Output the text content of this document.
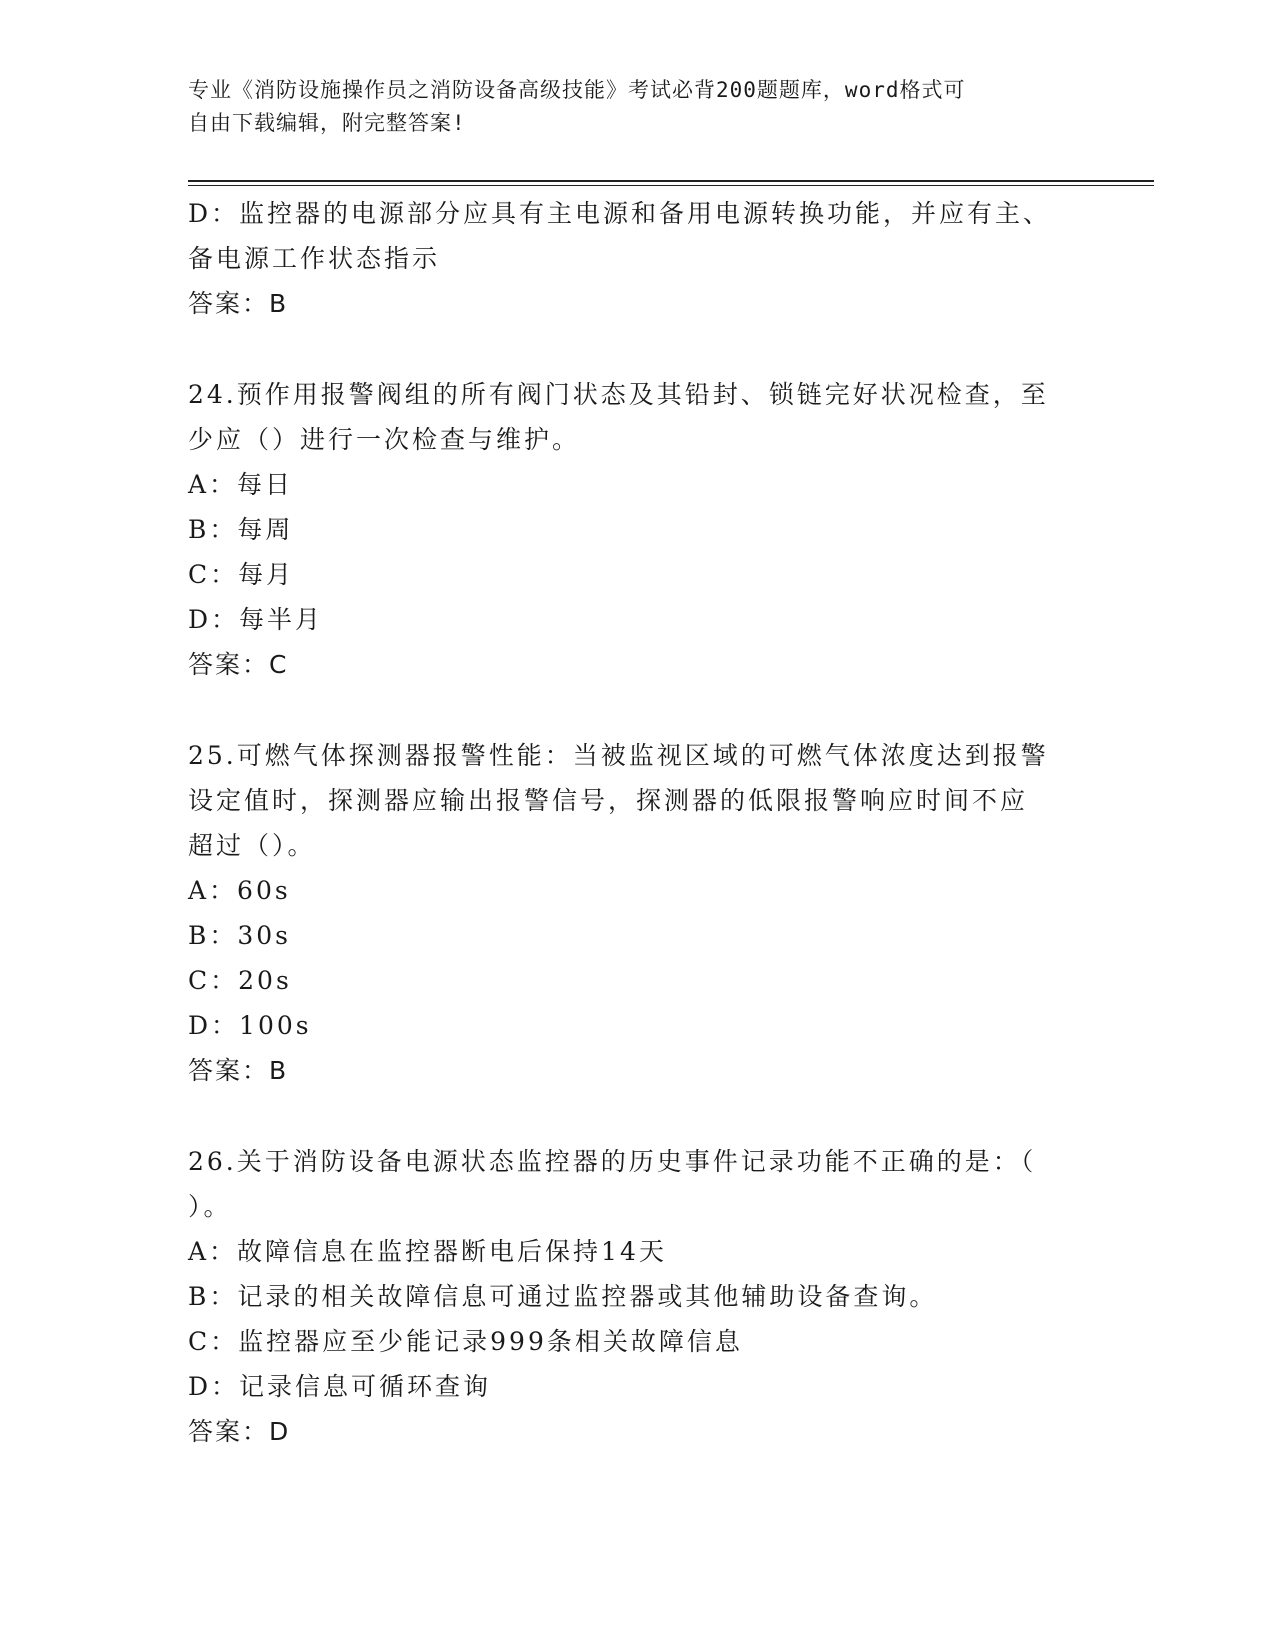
专业《消防设施操作员之消防设备高级技能》考试必背200题题库，word格式可
自由下载编辑，附完整答案!
D：监控器的电源部分应具有主电源和备用电源转换功能，并应有主、
备电源工作状态指示
答案：B
24.预作用报警阀组的所有阀门状态及其铅封、锁链完好状况检查，至
少应（）进行一次检查与维护。
A：每日
B：每周
C：每月
D：每半月
答案：C
25.可燃气体探测器报警性能：当被监视区域的可燃气体浓度达到报警
设定值时，探测器应输出报警信号，探测器的低限报警响应时间不应
超过（）。
A：60s
B：30s
C：20s
D：100s
答案：B
26.关于消防设备电源状态监控器的历史事件记录功能不正确的是：（
）。
A：故障信息在监控器断电后保持14天
B：记录的相关故障信息可通过监控器或其他辅助设备查询。
C：监控器应至少能记录999条相关故障信息
D：记录信息可循环查询
答案：D
